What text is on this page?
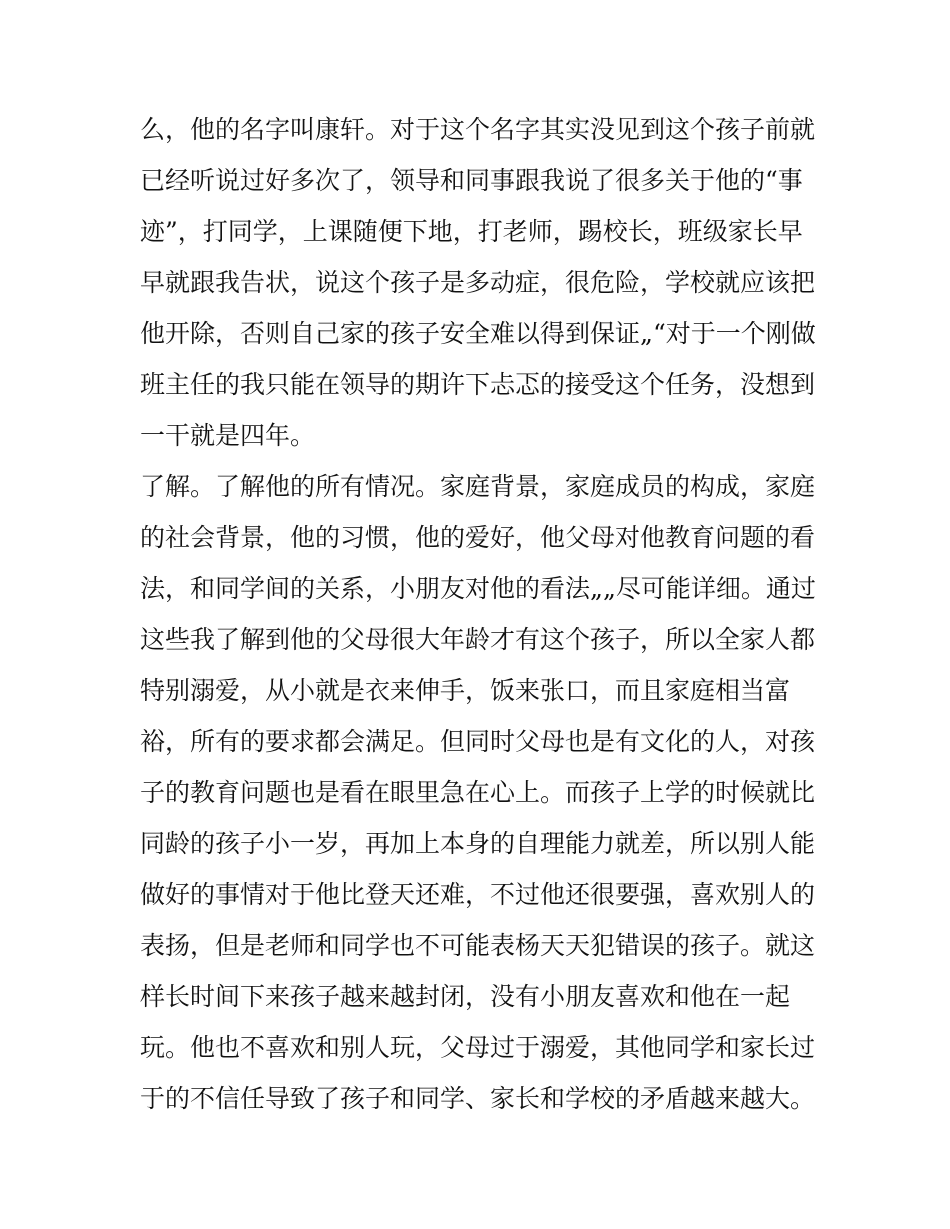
么，他的名字叫康轩。对于这个名字其实没见到这个孩子前就
已经听说过好多次了，领导和同事跟我说了很多关于他的“事
迹”，打同学，上课随便下地，打老师，踢校长，班级家长早
早就跟我告状，说这个孩子是多动症，很危险，学校就应该把
他开除，否则自己家的孩子安全难以得到保证„“对于一个刚做
班主任的我只能在领导的期许下忐忑的接受这个任务，没想到
一干就是四年。
了解。了解他的所有情况。家庭背景，家庭成员的构成，家庭
的社会背景，他的习惯，他的爱好，他父母对他教育问题的看
法，和同学间的关系，小朋友对他的看法„„尽可能详细。通过
这些我了解到他的父母很大年龄才有这个孩子，所以全家人都
特别溺爱，从小就是衣来伸手，饭来张口，而且家庭相当富
裕，所有的要求都会满足。但同时父母也是有文化的人，对孩
子的教育问题也是看在眼里急在心上。而孩子上学的时候就比
同龄的孩子小一岁，再加上本身的自理能力就差，所以别人能
做好的事情对于他比登天还难，不过他还很要强，喜欢别人的
表扬，但是老师和同学也不可能表杨天天犯错误的孩子。就这
样长时间下来孩子越来越封闭，没有小朋友喜欢和他在一起
玩。他也不喜欢和别人玩，父母过于溺爱，其他同学和家长过
于的不信任导致了孩子和同学、家长和学校的矛盾越来越大。
